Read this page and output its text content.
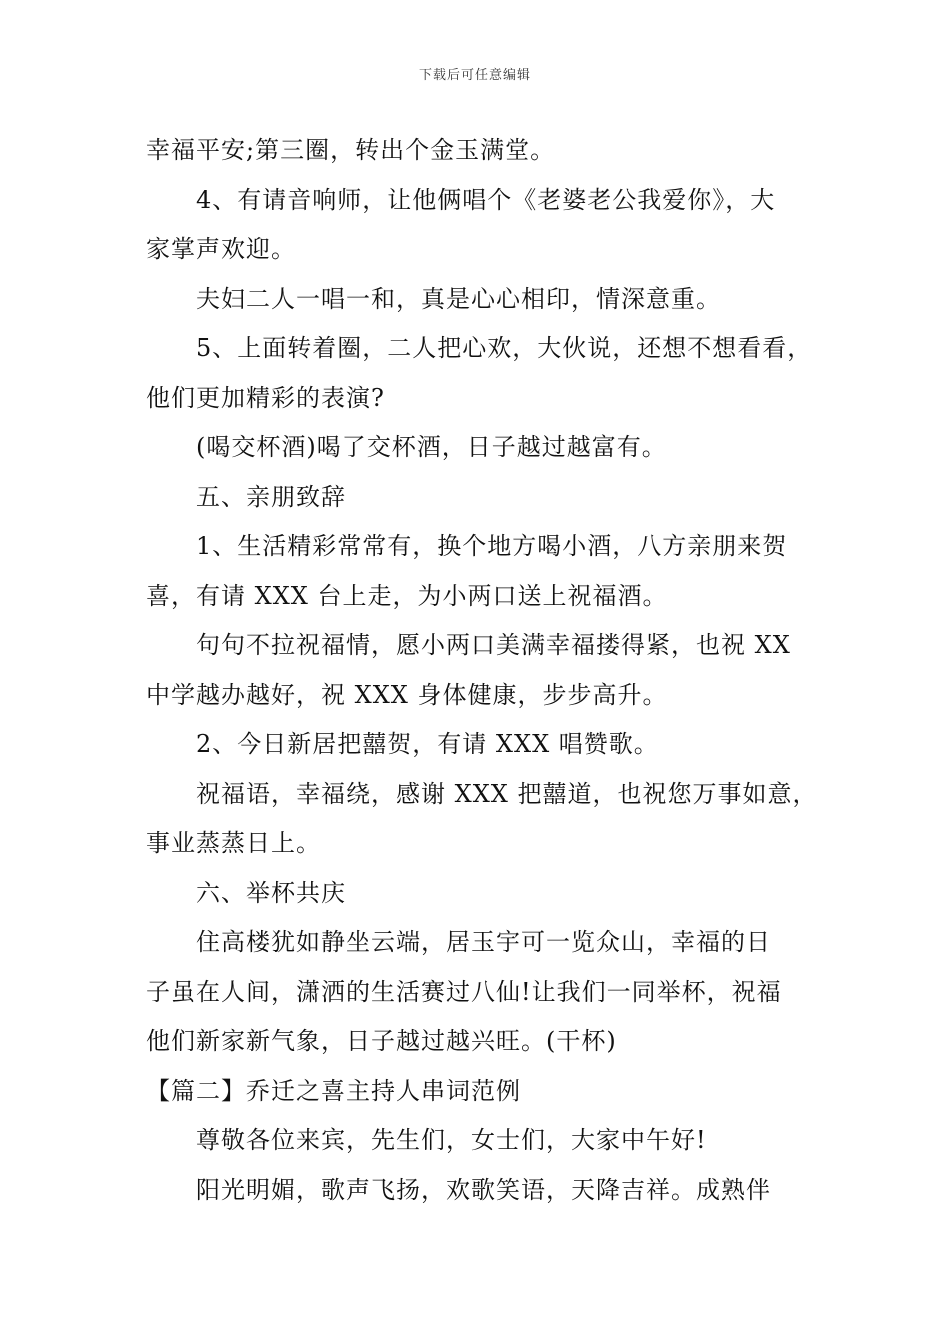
下载后可任意编辑

幸福平安;第三圈，转出个金玉满堂。

4、有请音响师，让他俩唱个《老婆老公我爱你》，大

家掌声欢迎。

夫妇二人一唱一和，真是心心相印，情深意重。

5、上面转着圈，二人把心欢，大伙说，还想不想看看，

他们更加精彩的表演?

(喝交杯酒)喝了交杯酒，日子越过越富有。

五、亲朋致辞

1、生活精彩常常有，换个地方喝小酒，八方亲朋来贺

喜，有请 XXX 台上走，为小两口送上祝福酒。

句句不拉祝福情，愿小两口美满幸福搂得紧，也祝 XX

中学越办越好，祝 XXX 身体健康，步步高升。

2、今日新居把囍贺，有请 XXX 唱赞歌。

祝福语，幸福绕，感谢 XXX 把囍道，也祝您万事如意，

事业蒸蒸日上。

六、举杯共庆

住高楼犹如静坐云端，居玉宇可一览众山，幸福的日

子虽在人间，潇洒的生活赛过八仙!让我们一同举杯，祝福

他们新家新气象，日子越过越兴旺。(干杯)

【篇二】乔迁之喜主持人串词范例

尊敬各位来宾，先生们，女士们，大家中午好!

阳光明媚，歌声飞扬，欢歌笑语，天降吉祥。成熟伴
